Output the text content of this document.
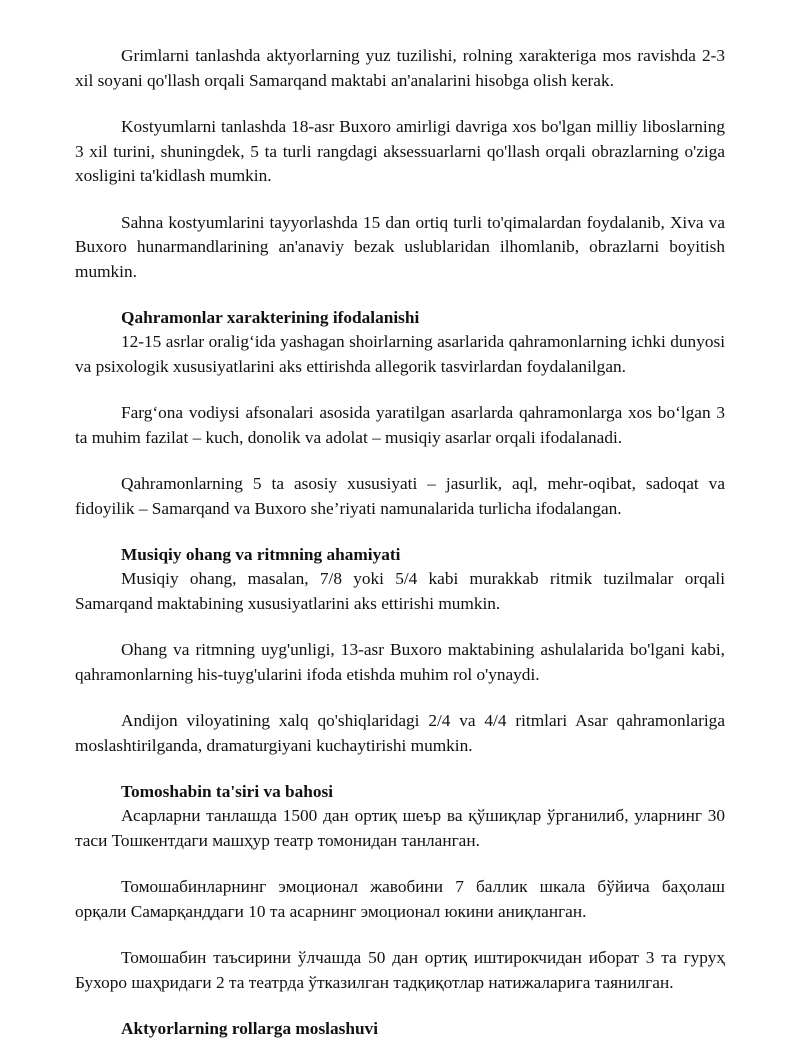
Grimlarni tanlashda aktyorlarning yuz tuzilishi, rolning xarakteriga mos ravishda 2-3 xil soyani qo'llash orqali Samarqand maktabi an'analarini hisobga olish kerak.

Kostyumlarni tanlashda 18-asr Buxoro amirligi davriga xos bo'lgan milliy liboslarning 3 xil turini, shuningdek, 5 ta turli rangdagi aksessuarlarni qo'llash orqali obrazlarning o'ziga xosligini ta'kidlash mumkin.

Sahna kostyumlarini tayyorlashda 15 dan ortiq turli to'qimalardan foydalanib, Xiva va Buxoro hunarmandlarining an'anaviy bezak uslublaridan ilhomlanib, obrazlarni boyitish mumkin.

Qahramonlar xarakterining ifodalanishi

12-15 asrlar oralig‘ida yashagan shoirlarning asarlarida qahramonlarning ichki dunyosi va psixologik xususiyatlarini aks ettirishda allegorik tasvirlardan foydalanilgan.

Farg‘ona vodiysi afsonalari asosida yaratilgan asarlarda qahramonlarga xos bo‘lgan 3 ta muhim fazilat – kuch, donolik va adolat – musiqiy asarlar orqali ifodalanadi.

Qahramonlarning 5 ta asosiy xususiyati – jasurlik, aql, mehr-oqibat, sadoqat va fidoyilik – Samarqand va Buxoro she’riyati namunalarida turlicha ifodalangan.

Musiqiy ohang va ritmning ahamiyati

Musiqiy ohang, masalan, 7/8 yoki 5/4 kabi murakkab ritmik tuzilmalar orqali Samarqand maktabining xususiyatlarini aks ettirishi mumkin.

Ohang va ritmning uyg'unligi, 13-asr Buxoro maktabining ashulalarida bo'lgani kabi, qahramonlarning his-tuyg'ularini ifoda etishda muhim rol o'ynaydi.

Andijon viloyatining xalq qo'shiqlaridagi 2/4 va 4/4 ritmlari Asar qahramonlariga moslashtirilganda, dramaturgiyani kuchaytirishi mumkin.

Tomoshabin ta'siri va bahosi

Асарларни танлашда 1500 дан ортиқ шеър ва қўшиқлар ўрганилиб, уларнинг 30 таси Тошкентдаги машҳур театр томонидан танланган.

Томошабинларнинг эмоционал жавобини 7 баллик шкала бўйича баҳолаш орқали Самарқанддаги 10 та асарнинг эмоционал юкини аниқланган.

Томошабин таъсирини ўлчашда 50 дан ортиқ иштирокчидан иборат 3 та гуруҳ Бухоро шаҳридаги 2 та театрда ўтказилган тадқиқотлар натижаларига таянилган.

Aktyorlarning rollarga moslashuvi
